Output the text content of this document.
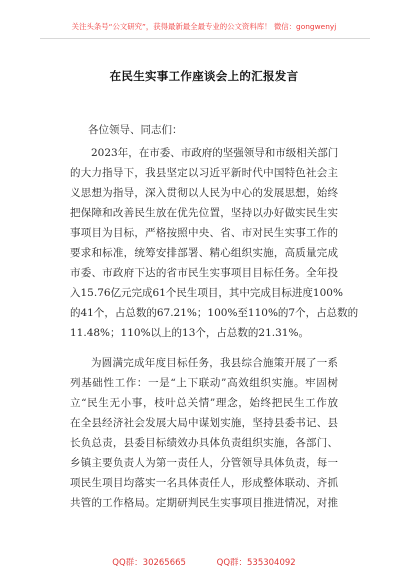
关注头条号“公文研究”，获得最新最全最专业的公文资料库！ 微信：gongwenyj
在民生实事工作座谈会上的汇报发言
各位领导、同志们：
2023年，在市委、市政府的坚强领导和市级相关部门
的大力指导下，我县坚定以习近平新时代中国特色社会主
义思想为指导，深入贯彻以人民为中心的发展思想，始终
把保障和改善民生放在优先位置，坚持以办好做实民生实
事项目为目标，严格按照中央、省、市对民生实事工作的
要求和标准，统筹安排部署、精心组织实施，高质量完成
市委、市政府下达的省市民生实事项目目标任务。全年投
入15.76亿元完成61个民生项目，其中完成目标进度100%
的41个，占总数的67.21%；100%至110%的7个，占总数的
11.48%；110%以上的13个，占总数的21.31%。
为圆满完成年度目标任务，我县综合施策开展了一系
列基础性工作：一是“上下联动”高效组织实施。牢固树
立“民生无小事，枝叶总关情”理念，始终把民生工作放
在全县经济社会发展大局中谋划实施，坚持县委书记、县
长负总责，县委目标绩效办具体负责组织实施，各部门、
乡镇主要负责人为第一责任人，分管领导具体负责，每一
项民生项目均落实一名具体责任人，形成整体联动、齐抓
共管的工作格局。定期研判民生实事项目推进情况，对推
QQ群：30265665	QQ群：535304092
